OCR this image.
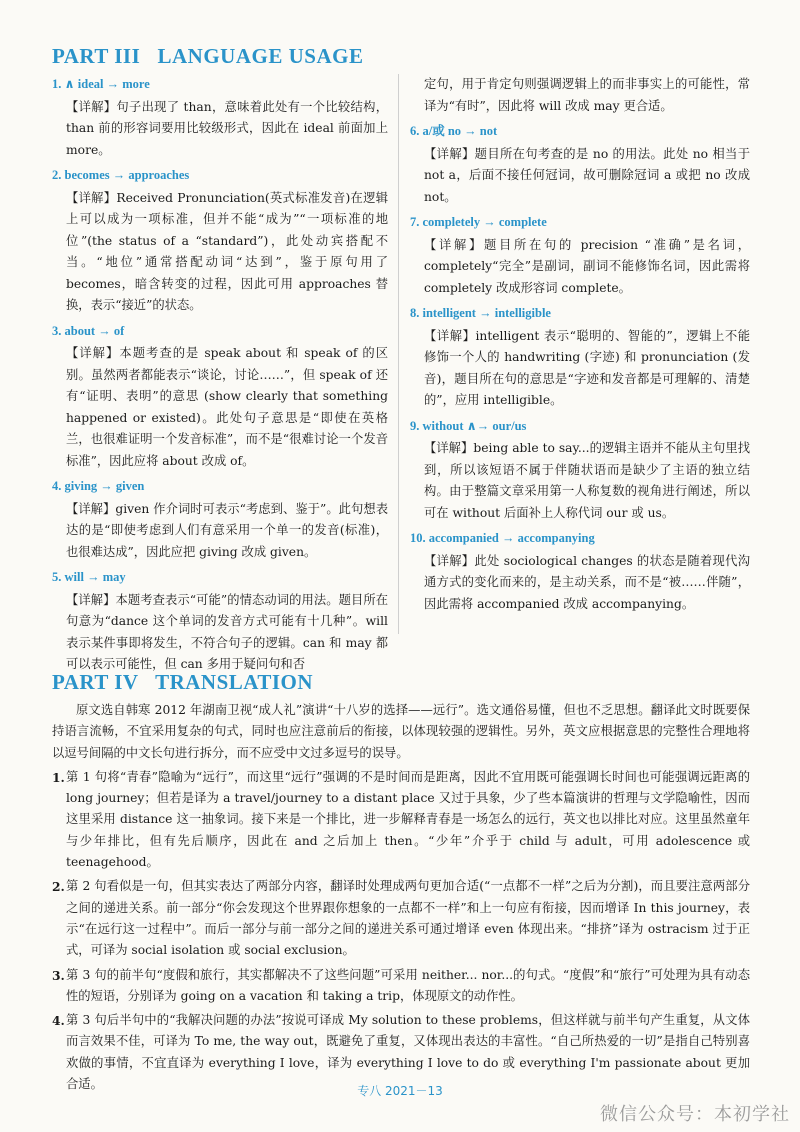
PART III   LANGUAGE USAGE
1. ∧ ideal → more
【详解】句子出现了 than，意味着此处有一个比较结构，than 前的形容词要用比较级形式，因此在 ideal 前面加上 more。
2. becomes → approaches
【详解】Received Pronunciation(英式标准发音)在逻辑上可以成为一项标准，但并不能“成为”“一项标准的地位”(the status of a “standard”)，此处动宾搭配不当。“地位”通常搭配动词“达到”，鉴于原句用了 becomes，暗含转变的过程，因此可用 approaches 替换，表示“接近”的状态。
3. about → of
【详解】本题考查的是 speak about 和 speak of 的区别。虽然两者都能表示“谈论，讨论……”，但 speak of 还有“证明、表明”的意思 (show clearly that something happened or existed)。此处句子意思是“即使在英格兰，也很难证明一个发音标准”，而不是“很难讨论一个发音标准”，因此应将 about 改成 of。
4. giving → given
【详解】given 作介词时可表示“考虑到、鉴于”。此句想表达的是“即使考虑到人们有意采用一个单一的发音(标准)，也很难达成”，因此应把 giving 改成 given。
5. will → may
【详解】本题考查表示“可能”的情态动词的用法。题目所在句意为“dance 这个单词的发音方式可能有十几种”。will 表示某件事即将发生，不符合句子的逻辑。can 和 may 都可以表示可能性，但 can 多用于疑问句和否
定句，用于肯定句则强调逻辑上的而非事实上的可能性，常译为“有时”，因此将 will 改成 may 更合适。
6. a/或 no → not
【详解】题目所在句考查的是 no 的用法。此处 no 相当于 not a，后面不接任何冠词，故可删除冠词 a 或把 no 改成 not。
7. completely → complete
【详解】题目所在句的 precision “准确”是名词，completely“完全”是副词，副词不能修饰名词，因此需将 completely 改成形容词 complete。
8. intelligent → intelligible
【详解】intelligent 表示“聪明的、智能的”，逻辑上不能修饰一个人的 handwriting (字迹) 和 pronunciation (发音)，题目所在句的意思是“字迹和发音都是可理解的、清楚的”，应用 intelligible。
9. without ∧→ our/us
【详解】being able to say...的逻辑主语并不能从主句里找到，所以该短语不属于伴随状语而是缺少了主语的独立结构。由于整篇文章采用第一人称复数的视角进行阐述，所以可在 without 后面补上人称代词 our 或 us。
10. accompanied → accompanying
【详解】此处 sociological changes 的状态是随着现代沟通方式的变化而来的，是主动关系，而不是“被……伴随”，因此需将 accompanied 改成 accompanying。
PART IV   TRANSLATION
原文选自韩寒 2012 年湖南卫视“成人礼”演讲“十八岁的选择——远行”。选文通俗易懂，但也不乏思想。翻译此文时既要保持语言流畅，不宜采用复杂的句式，同时也应注意前后的衔接，以体现较强的逻辑性。另外，英文应根据意思的完整性合理地将以逗号间隔的中文长句进行拆分，而不应受中文过多逗号的误导。
1. 第 1 句将“青春”隐喻为“远行”，而这里“远行”强调的不是时间而是距离，因此不宜用既可能强调长时间也可能强调远距离的 long journey；但若是译为 a travel/journey to a distant place 又过于具象，少了些本篇演讲的哲理与文学隐喻性，因而这里采用 distance 这一抽象词。接下来是一个排比，进一步解释青春是一场怎么的远行，英文也以排比对应。这里虽然童年与少年排比，但有先后顺序，因此在 and 之后加上 then。“少年”介乎于 child 与 adult，可用 adolescence 或 teenagehood。
2. 第 2 句看似是一句，但其实表达了两部分内容，翻译时处理成两句更加合适(“一点都不一样”之后为分割)，而且要注意两部分之间的递进关系。前一部分“你会发现这个世界跟你想象的一点都不一样”和上一句应有衔接，因而增译 In this journey，表示“在远行这一过程中”。而后一部分与前一部分之间的递进关系可通过增译 even 体现出来。“排挤”译为 ostracism 过于正式，可译为 social isolation 或 social exclusion。
3. 第 3 句的前半句“度假和旅行，其实都解决不了这些问题”可采用 neither... nor...的句式。“度假”和“旅行”可处理为具有动态性的短语，分别译为 going on a vacation 和 taking a trip，体现原文的动作性。
4. 第 3 句后半句中的“我解决问题的办法”按说可译成 My solution to these problems，但这样就与前半句产生重复，从文体而言效果不佳，可译为 To me, the way out，既避免了重复，又体现出表达的丰富性。“自己所热爱的一切”是指自己特别喜欢做的事情，不宜直译为 everything I love，译为 everything I love to do 或 everything I'm passionate about 更加合适。	专八 2021－13
微信公众号：本初学社
